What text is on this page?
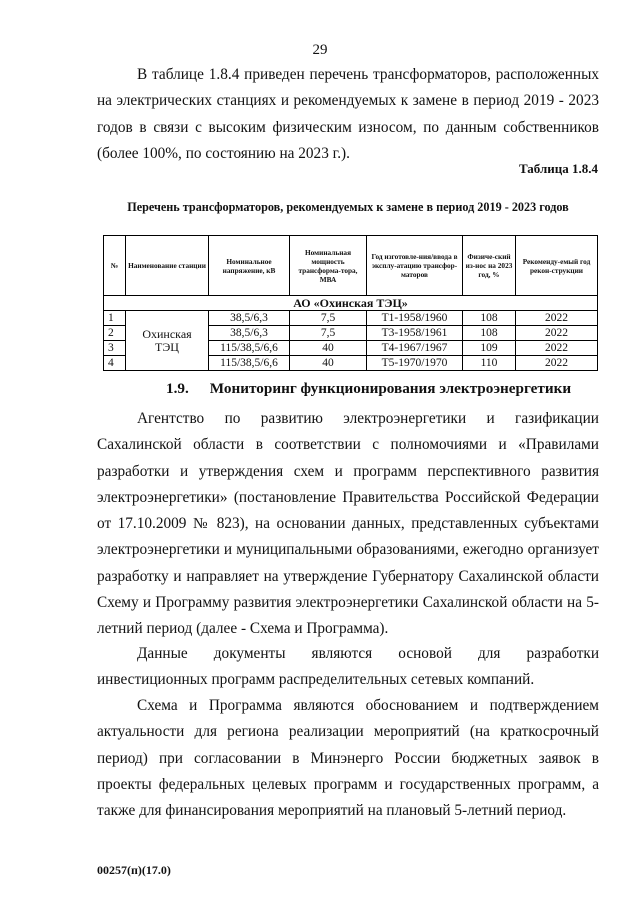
29

В таблице 1.8.4 приведен перечень трансформаторов, расположенных на электрических станциях и рекомендуемых к замене в период 2019 - 2023 годов в связи с высоким физическим износом, по данным собственников (более 100%, по состоянию на 2023 г.).

Таблица 1.8.4
Перечень трансформаторов, рекомендуемых к замене в период 2019 - 2023 годов
№	Наименование станции	Номинальное напряжение, кВ	Номинальная мощность трансформа-тора, МВА	Год изготовле-ния/ввода в эксплу-атацию трансфор-маторов	Физиче-ский из-нос на 2023 год, %	Рекоменду-емый год рекон-струкции
АО «Охинская ТЭЦ»						
1	Охинская ТЭЦ	38,5/6,3	7,5	Т1-1958/1960	108	2022
2		38,5/6,3	7,5	Т3-1958/1961	108	2022
3		115/38,5/6,6	40	Т4-1967/1967	109	2022
4		115/38,5/6,6	40	Т5-1970/1970	110	2022
1.9. Мониторинг функционирования электроэнергетики

Агентство по развитию электроэнергетики и газификации Сахалинской области в соответствии с полномочиями и «Правилами разработки и утверждения схем и программ перспективного развития электроэнергетики» (постановление Правительства Российской Федерации от 17.10.2009 № 823), на основании данных, представленных субъектами электроэнергетики и муниципальными образованиями, ежегодно организует разработку и направляет на утверждение Губернатору Сахалинской области Схему и Программу развития электроэнергетики Сахалинской области на 5-летний период (далее - Схема и Программа).

Данные документы являются основой для разработки инвестиционных программ распределительных сетевых компаний.

Схема и Программа являются обоснованием и подтверждением актуальности для региона реализации мероприятий (на краткосрочный период) при согласовании в Минэнерго России бюджетных заявок в проекты федеральных целевых программ и государственных программ, а также для финансирования мероприятий на плановый 5-летний период.

00257(п)(17.0)
